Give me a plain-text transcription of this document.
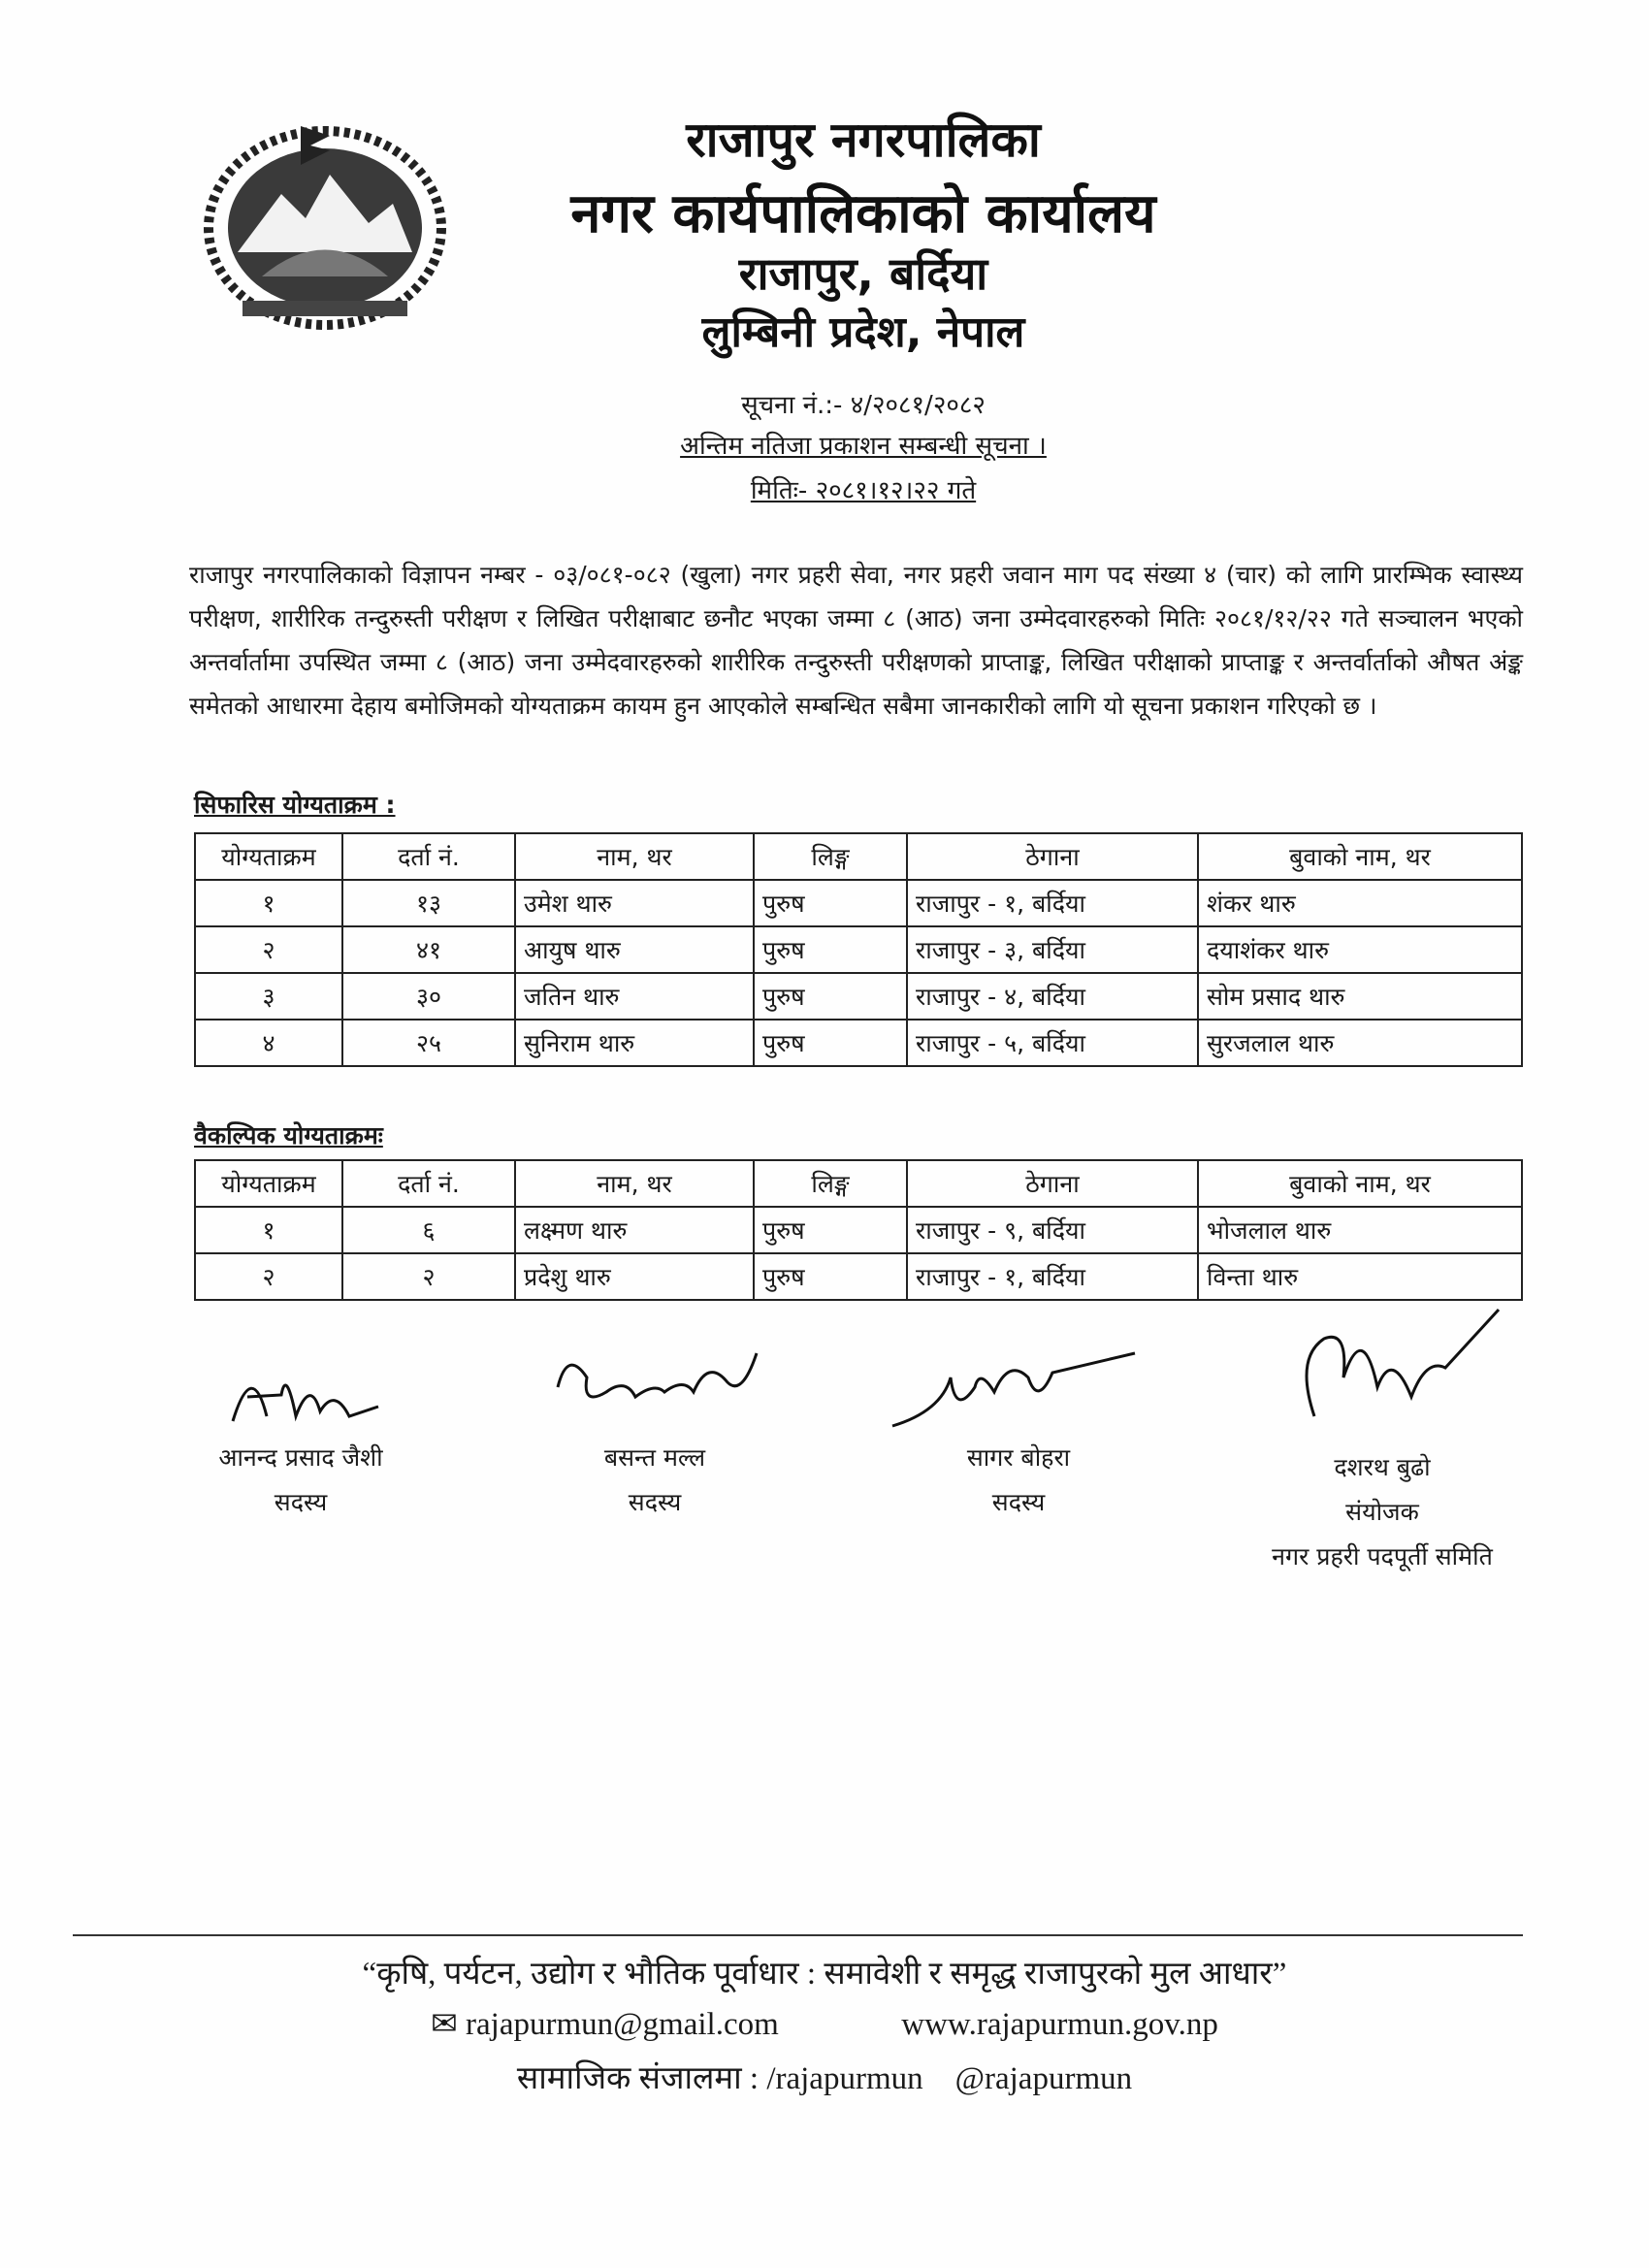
राजापुर नगरपालिका
नगर कार्यपालिकाको कार्यालय
राजापुर, बर्दिया
लुम्बिनी प्रदेश, नेपाल
सूचना नं.:- ४/२०८१/२०८२
अन्तिम नतिजा प्रकाशन सम्बन्धी सूचना ।
मितिः- २०८१।१२।२२ गते
राजापुर नगरपालिकाको विज्ञापन नम्बर - ०३/०८१-०८२ (खुला) नगर प्रहरी सेवा, नगर प्रहरी जवान माग पद संख्या ४ (चार) को लागि प्रारम्भिक स्वास्थ्य परीक्षण, शारीरिक तन्दुरुस्ती परीक्षण र लिखित परीक्षाबाट छनौट भएका जम्मा ८ (आठ) जना उम्मेदवारहरुको मितिः २०८१/१२/२२ गते सञ्चालन भएको अन्तर्वार्तामा उपस्थित जम्मा ८ (आठ) जना उम्मेदवारहरुको शारीरिक तन्दुरुस्ती परीक्षणको प्राप्ताङ्क, लिखित परीक्षाको प्राप्ताङ्क र अन्तर्वार्ताको औषत अंङ्क समेतको आधारमा देहाय बमोजिमको योग्यताक्रम कायम हुन आएकोले सम्बन्धित सबैमा जानकारीको लागि यो सूचना प्रकाशन गरिएको छ ।
सिफारिस योग्यताक्रम :
योग्यताक्रम	दर्ता नं.	नाम, थर	लिङ्ग	ठेगाना	बुवाको नाम, थर
१	१३	उमेश थारु	पुरुष	राजापुर - १, बर्दिया	शंकर थारु
२	४१	आयुष थारु	पुरुष	राजापुर - ३, बर्दिया	दयाशंकर थारु
३	३०	जतिन थारु	पुरुष	राजापुर - ४, बर्दिया	सोम प्रसाद थारु
४	२५	सुनिराम थारु	पुरुष	राजापुर - ५, बर्दिया	सुरजलाल थारु
वैकल्पिक योग्यताक्रमः
योग्यताक्रम	दर्ता नं.	नाम, थर	लिङ्ग	ठेगाना	बुवाको नाम, थर
१	६	लक्ष्मण थारु	पुरुष	राजापुर - ९, बर्दिया	भोजलाल थारु
२	२	प्रदेशु थारु	पुरुष	राजापुर - १, बर्दिया	विन्ता थारु
आनन्द प्रसाद जैशी
सदस्य
बसन्त मल्ल
सदस्य
सागर बोहरा
सदस्य
दशरथ बुढो
संयोजक
नगर प्रहरी पदपूर्ती समिति
“कृषि, पर्यटन, उद्योग र भौतिक पूर्वाधार : समावेशी र समृद्ध राजापुरको मुल आधार”
✉ rajapurmun@gmail.com	www.rajapurmun.gov.np
सामाजिक संजालमा : /rajapurmun @rajapurmun
